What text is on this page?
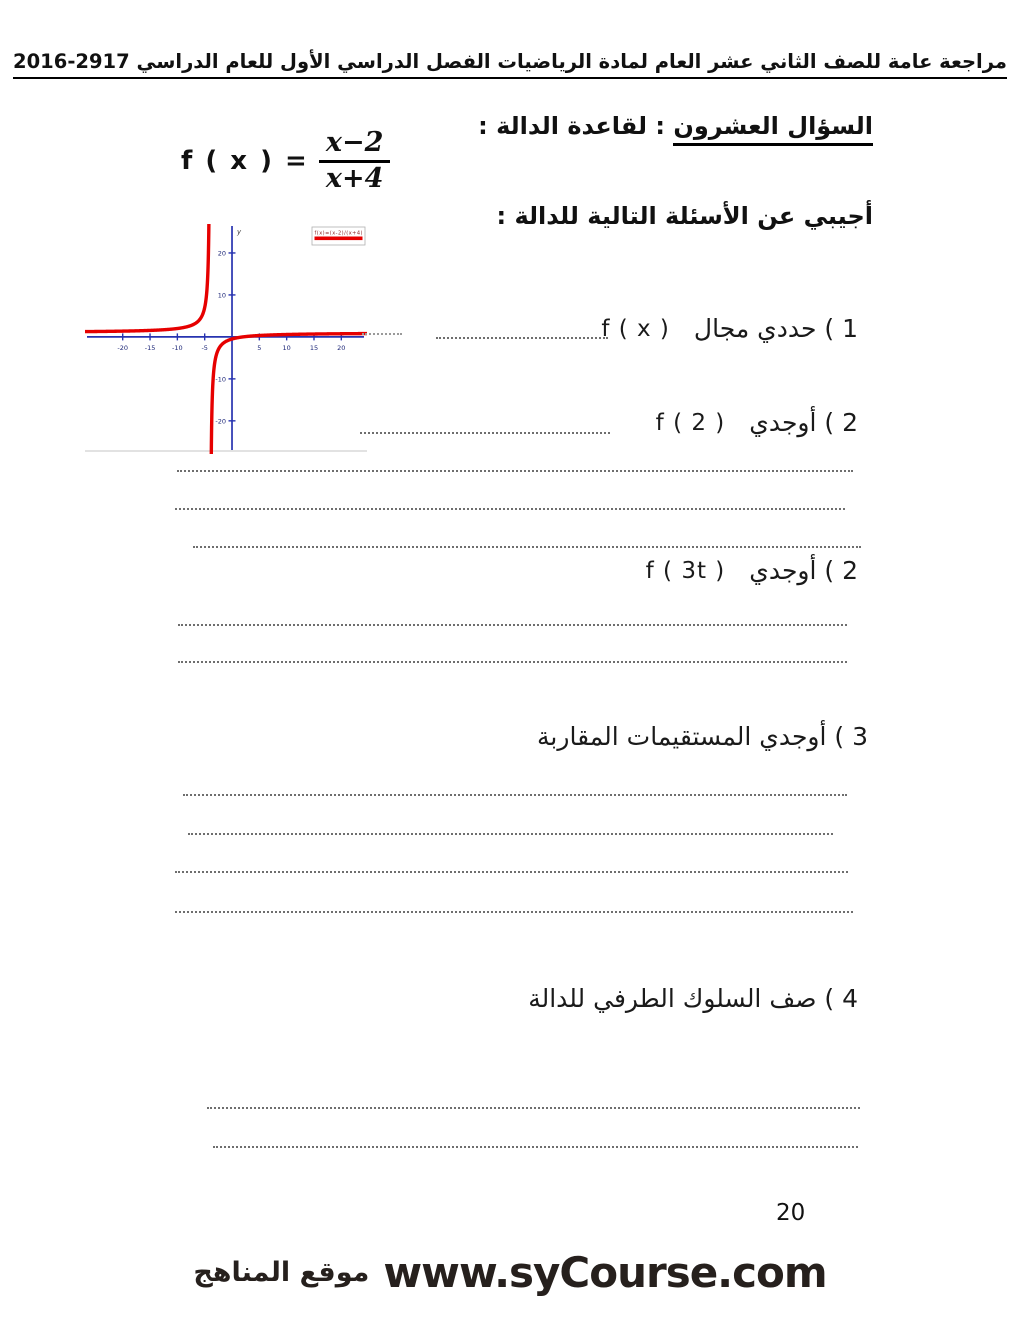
مراجعة عامة للصف الثاني عشر العام لمادة الرياضيات الفصل الدراسي الأول للعام الدراسي 2917-2016
السؤال العشرون : لقاعدة الدالة :
f ( x ) = $\frac{x-2}{x+4}$
أجيبي عن الأسئلة التالية للدالة :
y
-20	-15	-10	-5	5	10	15	20
-20
-10
10
20
f(x)=(x-2)/(x+4)
1 ) حددي مجال
f ( x )
2 ) أوجدي
f ( 2 )
2 ) أوجدي
f ( 3t )
3 ) أوجدي المستقيمات المقاربة
4 ) صف السلوك الطرفي للدالة
20
موقع المناهج www.syCourse.com
